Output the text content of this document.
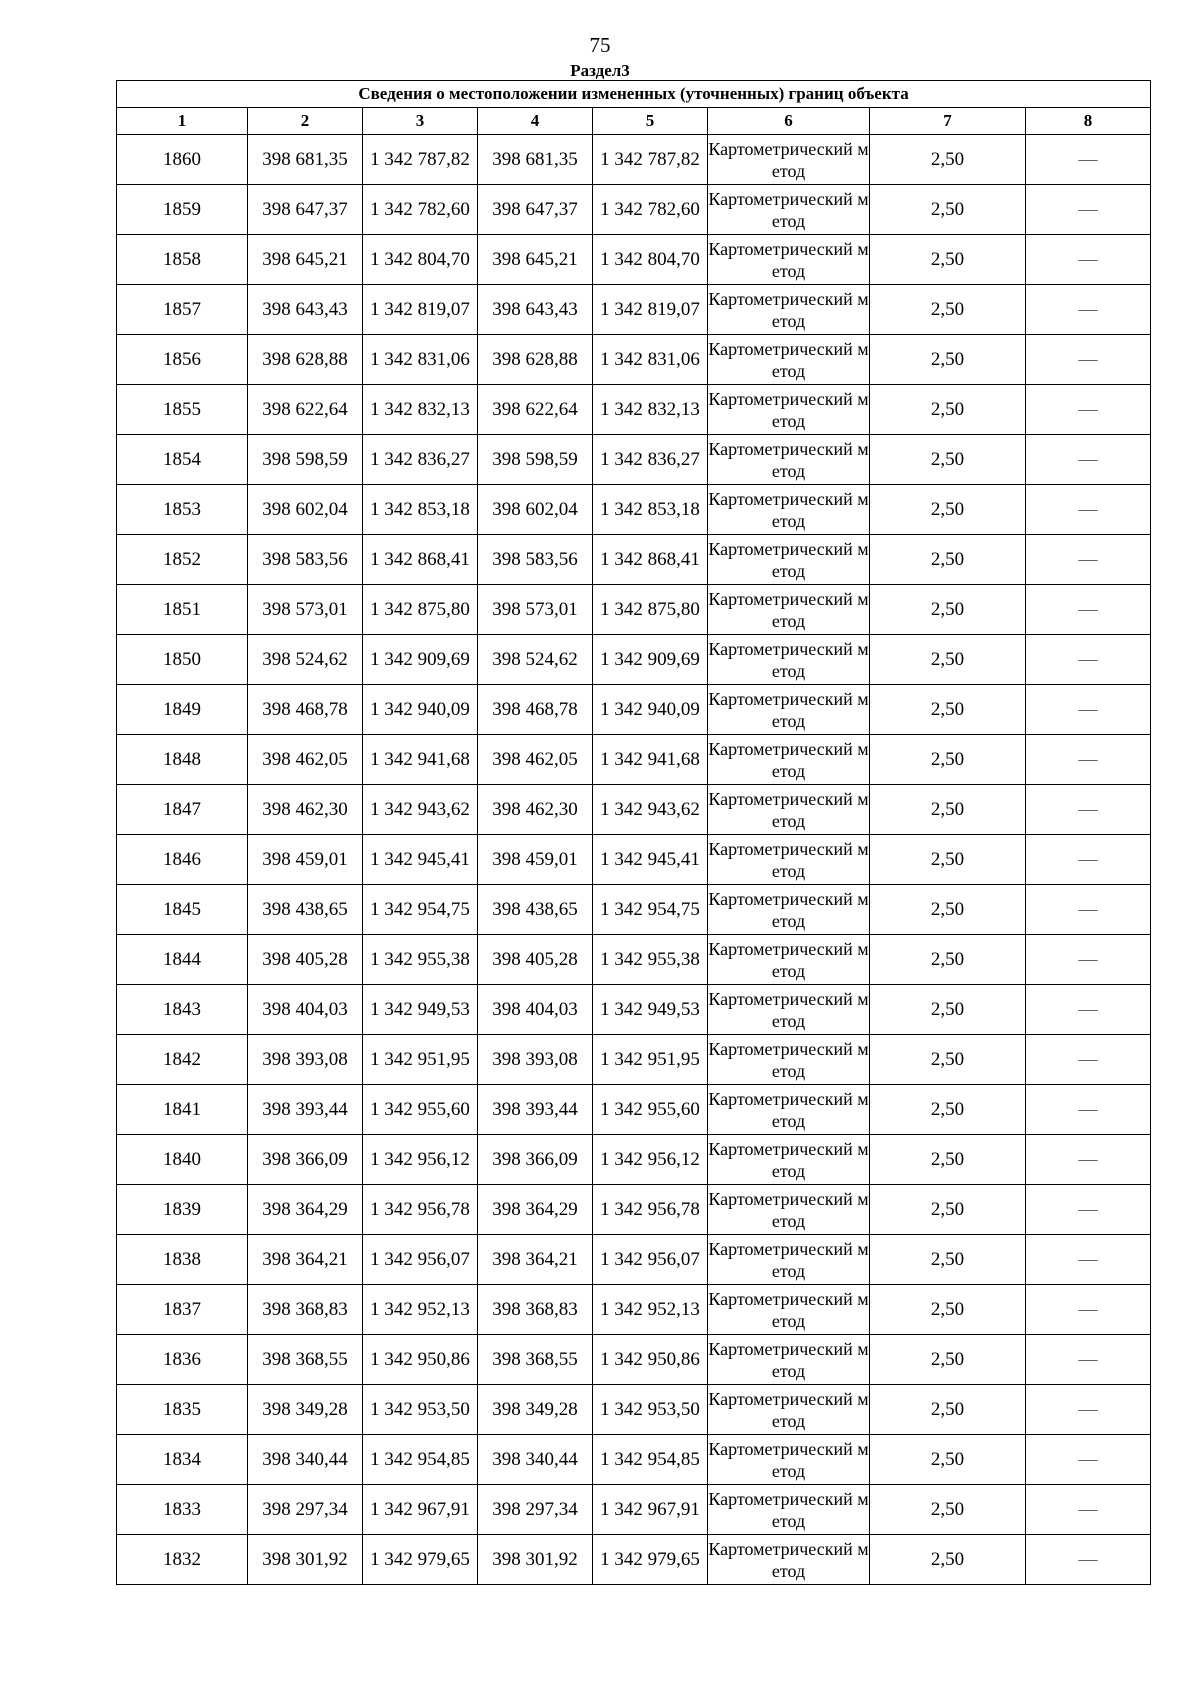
75
Раздел3
Сведения о местоположении измененных (уточненных) границ объекта							
1	2	3	4	5	6	7	8
1860	398 681,35	1 342 787,82	398 681,35	1 342 787,82	Картометрический метод	2,50	—
1859	398 647,37	1 342 782,60	398 647,37	1 342 782,60	Картометрический метод	2,50	—
1858	398 645,21	1 342 804,70	398 645,21	1 342 804,70	Картометрический метод	2,50	—
1857	398 643,43	1 342 819,07	398 643,43	1 342 819,07	Картометрический метод	2,50	—
1856	398 628,88	1 342 831,06	398 628,88	1 342 831,06	Картометрический метод	2,50	—
1855	398 622,64	1 342 832,13	398 622,64	1 342 832,13	Картометрический метод	2,50	—
1854	398 598,59	1 342 836,27	398 598,59	1 342 836,27	Картометрический метод	2,50	—
1853	398 602,04	1 342 853,18	398 602,04	1 342 853,18	Картометрический метод	2,50	—
1852	398 583,56	1 342 868,41	398 583,56	1 342 868,41	Картометрический метод	2,50	—
1851	398 573,01	1 342 875,80	398 573,01	1 342 875,80	Картометрический метод	2,50	—
1850	398 524,62	1 342 909,69	398 524,62	1 342 909,69	Картометрический метод	2,50	—
1849	398 468,78	1 342 940,09	398 468,78	1 342 940,09	Картометрический метод	2,50	—
1848	398 462,05	1 342 941,68	398 462,05	1 342 941,68	Картометрический метод	2,50	—
1847	398 462,30	1 342 943,62	398 462,30	1 342 943,62	Картометрический метод	2,50	—
1846	398 459,01	1 342 945,41	398 459,01	1 342 945,41	Картометрический метод	2,50	—
1845	398 438,65	1 342 954,75	398 438,65	1 342 954,75	Картометрический метод	2,50	—
1844	398 405,28	1 342 955,38	398 405,28	1 342 955,38	Картометрический метод	2,50	—
1843	398 404,03	1 342 949,53	398 404,03	1 342 949,53	Картометрический метод	2,50	—
1842	398 393,08	1 342 951,95	398 393,08	1 342 951,95	Картометрический метод	2,50	—
1841	398 393,44	1 342 955,60	398 393,44	1 342 955,60	Картометрический метод	2,50	—
1840	398 366,09	1 342 956,12	398 366,09	1 342 956,12	Картометрический метод	2,50	—
1839	398 364,29	1 342 956,78	398 364,29	1 342 956,78	Картометрический метод	2,50	—
1838	398 364,21	1 342 956,07	398 364,21	1 342 956,07	Картометрический метод	2,50	—
1837	398 368,83	1 342 952,13	398 368,83	1 342 952,13	Картометрический метод	2,50	—
1836	398 368,55	1 342 950,86	398 368,55	1 342 950,86	Картометрический метод	2,50	—
1835	398 349,28	1 342 953,50	398 349,28	1 342 953,50	Картометрический метод	2,50	—
1834	398 340,44	1 342 954,85	398 340,44	1 342 954,85	Картометрический метод	2,50	—
1833	398 297,34	1 342 967,91	398 297,34	1 342 967,91	Картометрический метод	2,50	—
1832	398 301,92	1 342 979,65	398 301,92	1 342 979,65	Картометрический метод	2,50	—
